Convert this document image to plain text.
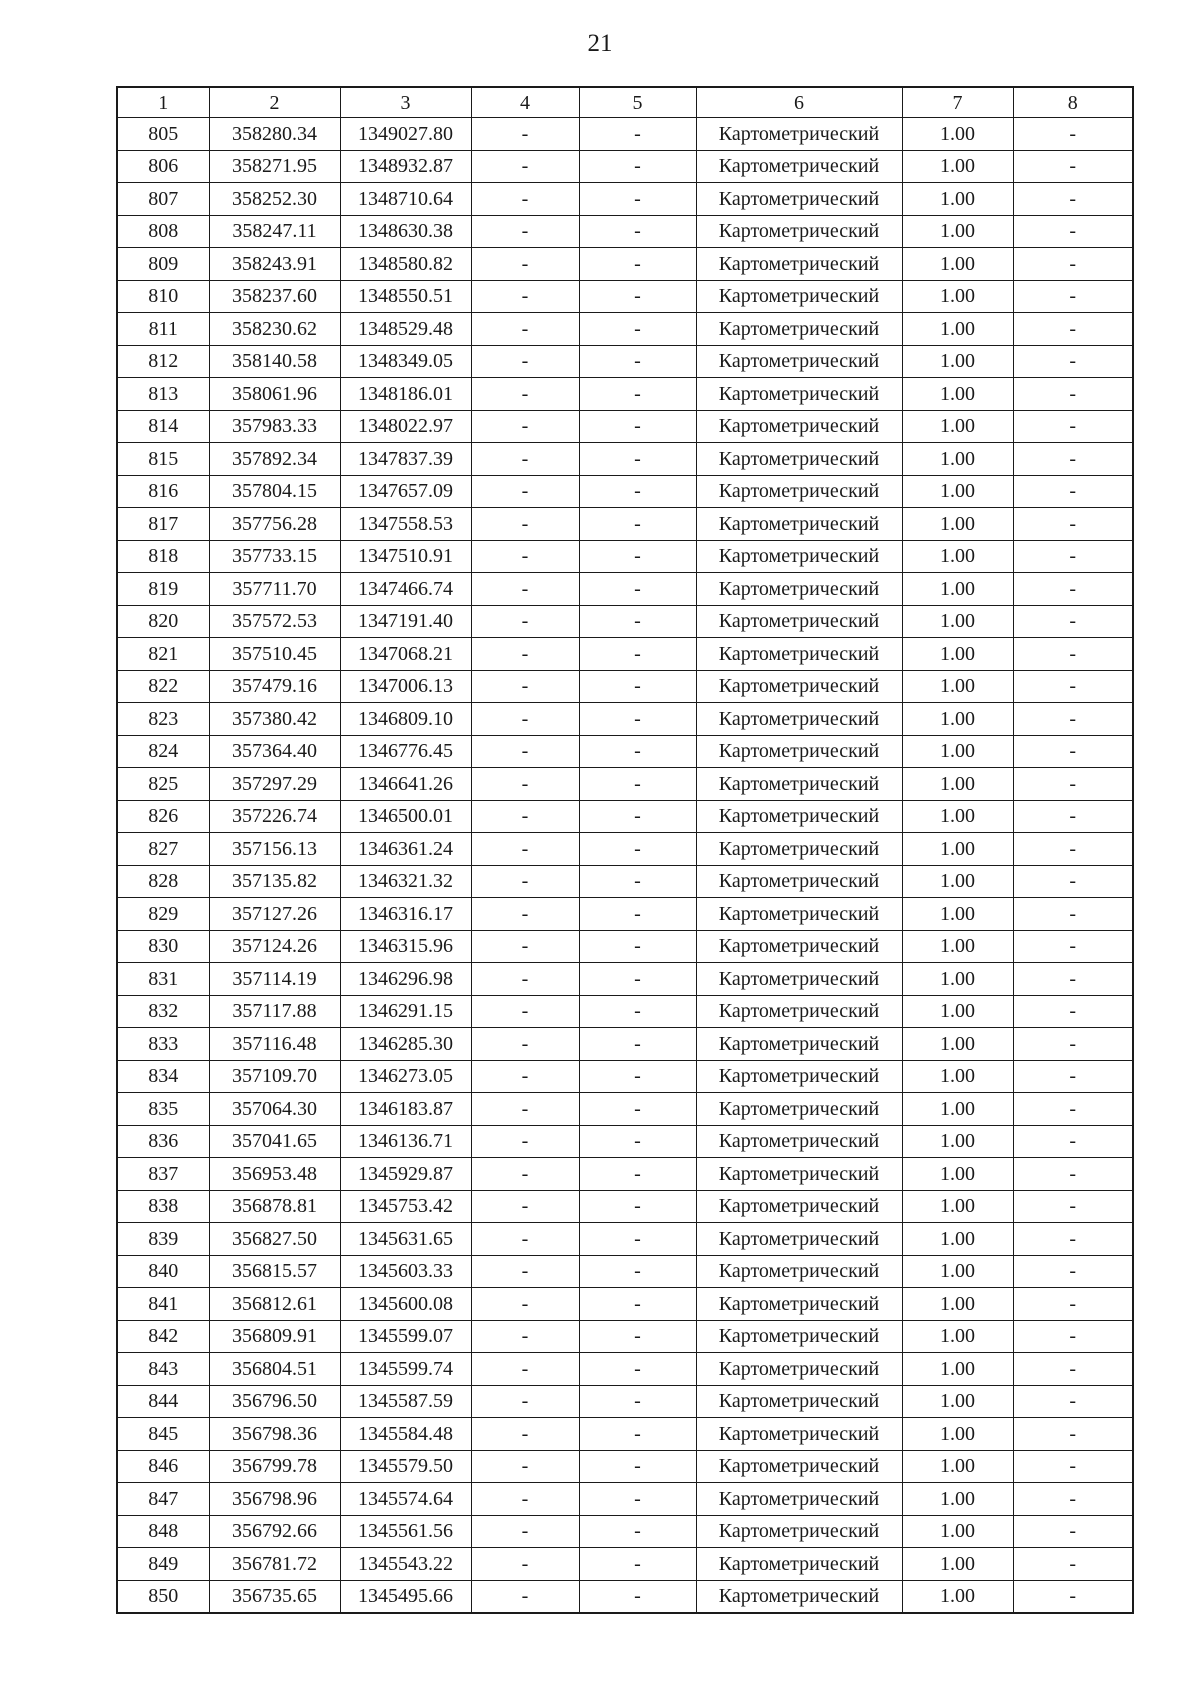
21
1	2	3	4	5	6	7	8
805	358280.34	1349027.80	-	-	Картометрический	1.00	-
806	358271.95	1348932.87	-	-	Картометрический	1.00	-
807	358252.30	1348710.64	-	-	Картометрический	1.00	-
808	358247.11	1348630.38	-	-	Картометрический	1.00	-
809	358243.91	1348580.82	-	-	Картометрический	1.00	-
810	358237.60	1348550.51	-	-	Картометрический	1.00	-
811	358230.62	1348529.48	-	-	Картометрический	1.00	-
812	358140.58	1348349.05	-	-	Картометрический	1.00	-
813	358061.96	1348186.01	-	-	Картометрический	1.00	-
814	357983.33	1348022.97	-	-	Картометрический	1.00	-
815	357892.34	1347837.39	-	-	Картометрический	1.00	-
816	357804.15	1347657.09	-	-	Картометрический	1.00	-
817	357756.28	1347558.53	-	-	Картометрический	1.00	-
818	357733.15	1347510.91	-	-	Картометрический	1.00	-
819	357711.70	1347466.74	-	-	Картометрический	1.00	-
820	357572.53	1347191.40	-	-	Картометрический	1.00	-
821	357510.45	1347068.21	-	-	Картометрический	1.00	-
822	357479.16	1347006.13	-	-	Картометрический	1.00	-
823	357380.42	1346809.10	-	-	Картометрический	1.00	-
824	357364.40	1346776.45	-	-	Картометрический	1.00	-
825	357297.29	1346641.26	-	-	Картометрический	1.00	-
826	357226.74	1346500.01	-	-	Картометрический	1.00	-
827	357156.13	1346361.24	-	-	Картометрический	1.00	-
828	357135.82	1346321.32	-	-	Картометрический	1.00	-
829	357127.26	1346316.17	-	-	Картометрический	1.00	-
830	357124.26	1346315.96	-	-	Картометрический	1.00	-
831	357114.19	1346296.98	-	-	Картометрический	1.00	-
832	357117.88	1346291.15	-	-	Картометрический	1.00	-
833	357116.48	1346285.30	-	-	Картометрический	1.00	-
834	357109.70	1346273.05	-	-	Картометрический	1.00	-
835	357064.30	1346183.87	-	-	Картометрический	1.00	-
836	357041.65	1346136.71	-	-	Картометрический	1.00	-
837	356953.48	1345929.87	-	-	Картометрический	1.00	-
838	356878.81	1345753.42	-	-	Картометрический	1.00	-
839	356827.50	1345631.65	-	-	Картометрический	1.00	-
840	356815.57	1345603.33	-	-	Картометрический	1.00	-
841	356812.61	1345600.08	-	-	Картометрический	1.00	-
842	356809.91	1345599.07	-	-	Картометрический	1.00	-
843	356804.51	1345599.74	-	-	Картометрический	1.00	-
844	356796.50	1345587.59	-	-	Картометрический	1.00	-
845	356798.36	1345584.48	-	-	Картометрический	1.00	-
846	356799.78	1345579.50	-	-	Картометрический	1.00	-
847	356798.96	1345574.64	-	-	Картометрический	1.00	-
848	356792.66	1345561.56	-	-	Картометрический	1.00	-
849	356781.72	1345543.22	-	-	Картометрический	1.00	-
850	356735.65	1345495.66	-	-	Картометрический	1.00	-
